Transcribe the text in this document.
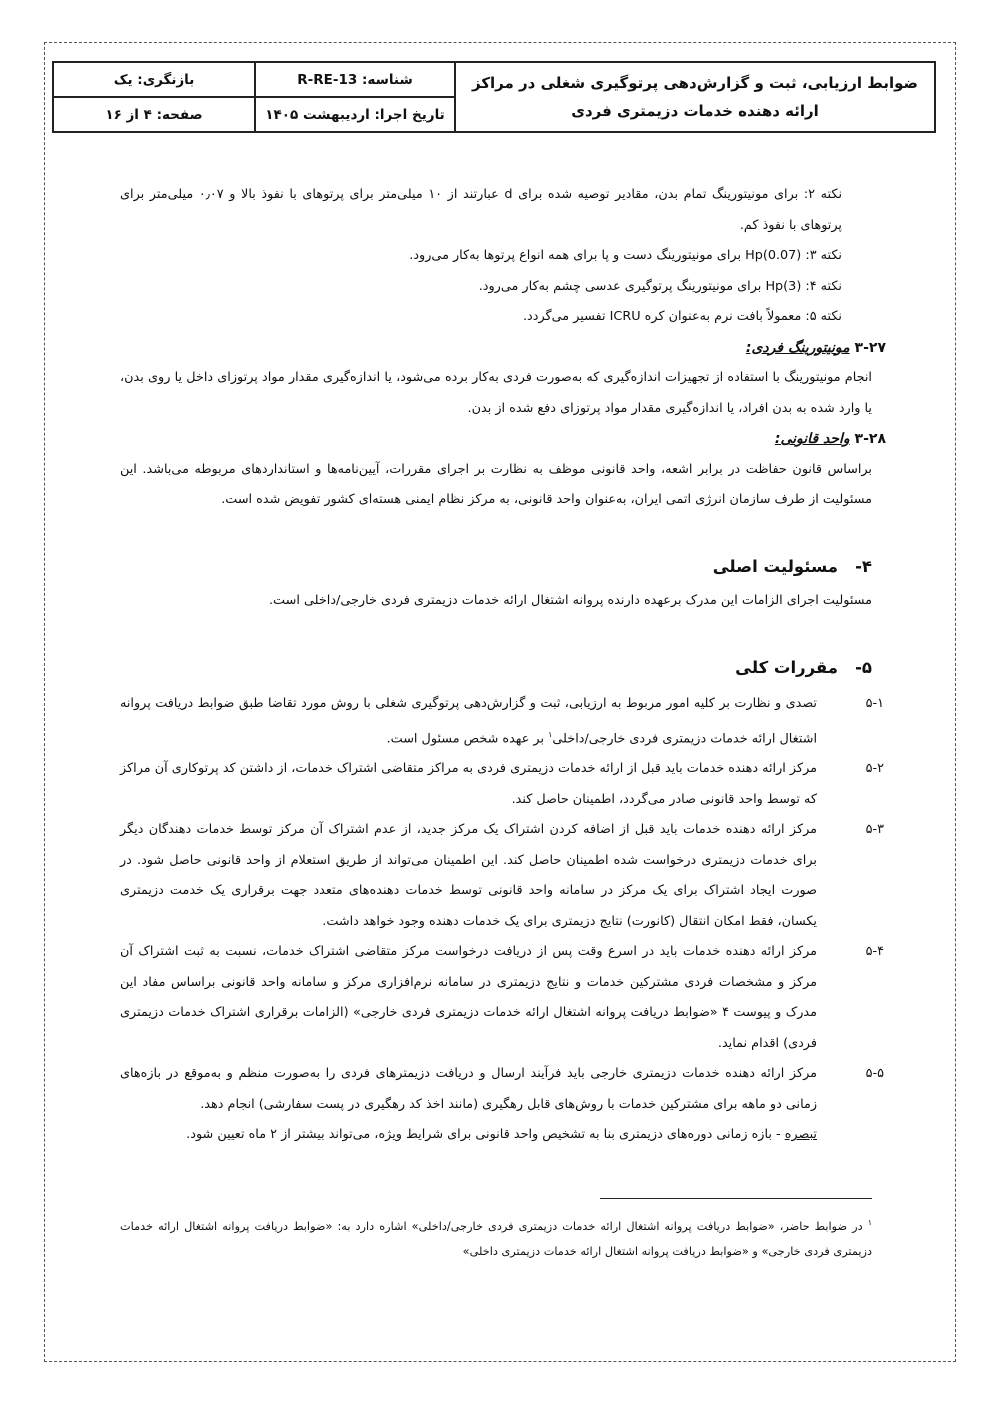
ضوابط ارزیابی، ثبت و گزارش‌دهی پرتوگیری شغلی در مراکز
ارائه دهنده خدمات دزیمتری فردی
شناسه: R-RE-13
تاریخ اجرا: اردیبهشت ۱۴۰۵
بازنگری: یک
صفحه: ۴ از ۱۶

نکته ۲: برای مونیتورینگ تمام بدن، مقادیر توصیه شده برای d عبارتند از ۱۰ میلی‌متر برای پرتوهای با نفوذ بالا و ۰٫۰۷ میلی‌متر برای پرتوهای با نفوذ کم.

نکته ۳: Hp(0.07) برای مونیتورینگ دست و پا برای همه انواع پرتوها به‌کار می‌رود.

نکته ۴: Hp(3) برای مونیتورینگ پرتوگیری عدسی چشم به‌کار می‌رود.

نکته ۵: معمولاً بافت نرم به‌عنوان کره ICRU تفسیر می‌گردد.

۳-۲۷ مونیتورینگ فردی:

انجام مونیتورینگ با استفاده از تجهیزات اندازه‌گیری که به‌صورت فردی به‌کار برده می‌شود، یا اندازه‌گیری مقدار مواد پرتوزای داخل یا روی بدن، یا وارد شده به بدن افراد، یا اندازه‌گیری مقدار مواد پرتوزای دفع شده از بدن.

۳-۲۸ واحد قانونی:

براساس قانون حفاظت در برابر اشعه، واحد قانونی موظف به نظارت بر اجرای مقررات، آیین‌نامه‌ها و استانداردهای مربوطه می‌باشد. این مسئولیت از طرف سازمان انرژی اتمی ایران، به‌عنوان واحد قانونی، به مرکز نظام ایمنی هسته‌ای کشور تفویض شده است.

۴-
مسئولیت اصلی

مسئولیت اجرای الزامات این مدرک برعهده دارنده پروانه اشتغال ارائه خدمات دزیمتری فردی خارجی/داخلی است.

۵-
مقررات کلی
۵-۱
تصدی و نظارت بر کلیه امور مربوط به ارزیابی، ثبت و گزارش‌دهی پرتوگیری شغلی با روش مورد تقاضا طبق ضوابط دریافت پروانه اشتغال ارائه خدمات دزیمتری فردی خارجی/داخلی$^۱$ بر عهده شخص مسئول است.
۵-۲
مرکز ارائه دهنده خدمات باید قبل از ارائه خدمات دزیمتری فردی به مراکز متقاضی اشتراک خدمات، از داشتن کد پرتوکاری آن مراکز که توسط واحد قانونی صادر می‌گردد، اطمینان حاصل کند.
۵-۳
مرکز ارائه دهنده خدمات باید قبل از اضافه کردن اشتراک یک مرکز جدید، از عدم اشتراک آن مرکز توسط خدمات دهندگان دیگر برای خدمات دزیمتری درخواست شده اطمینان حاصل کند. این اطمینان می‌تواند از طریق استعلام از واحد قانونی حاصل شود. در صورت ایجاد اشتراک برای یک مرکز در سامانه واحد قانونی توسط خدمات دهنده‌های متعدد جهت برقراری یک خدمت دزیمتری یکسان، فقط امکان انتقال (کانورت) نتایج دزیمتری برای یک خدمات دهنده وجود خواهد داشت.
۵-۴
مرکز ارائه دهنده خدمات باید در اسرع وقت پس از دریافت درخواست مرکز متقاضی اشتراک خدمات، نسبت به ثبت اشتراک آن مرکز و مشخصات فردی مشترکین خدمات و نتایج دزیمتری در سامانه نرم‌افزاری مرکز و سامانه واحد قانونی براساس مفاد این مدرک و پیوست ۴ «ضوابط دریافت پروانه اشتغال ارائه خدمات دزیمتری فردی خارجی» (الزامات برقراری اشتراک خدمات دزیمتری فردی) اقدام نماید.
۵-۵
مرکز ارائه دهنده خدمات دزیمتری خارجی باید فرآیند ارسال و دریافت دزیمترهای فردی را به‌صورت منظم و به‌موقع در بازه‌های زمانی دو ماهه برای مشترکین خدمات با روش‌های قابل رهگیری (مانند اخذ کد رهگیری در پست سفارشی) انجام دهد.
تبصره - بازه زمانی دوره‌های دزیمتری بنا به تشخیص واحد قانونی برای شرایط ویژه، می‌تواند بیشتر از ۲ ماه تعیین شود.
$^۱$ در ضوابط حاضر، «ضوابط دریافت پروانه اشتغال ارائه خدمات دزیمتری فردی خارجی/داخلی» اشاره دارد به: «ضوابط دریافت پروانه اشتغال ارائه خدمات دزیمتری فردی خارجی» و «ضوابط دریافت پروانه اشتغال ارائه خدمات دزیمتری داخلی»
